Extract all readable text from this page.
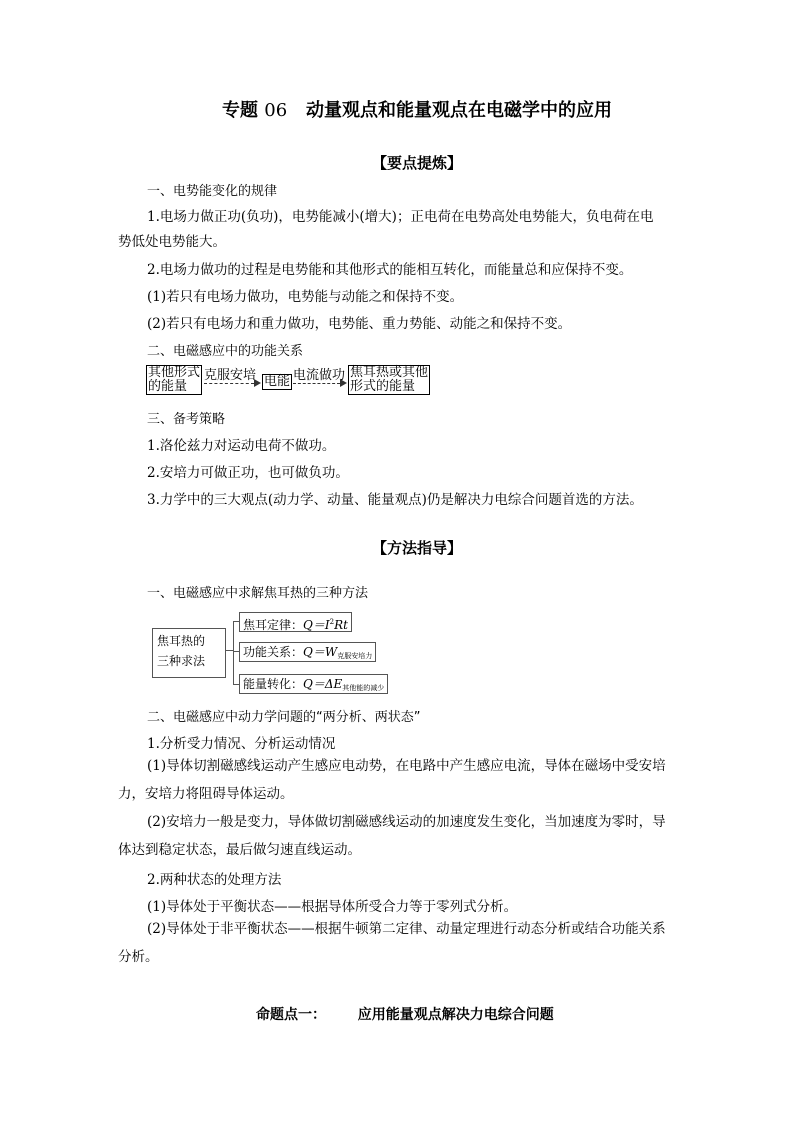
专题 06 动量观点和能量观点在电磁学中的应用
【要点提炼】
一、电势能变化的规律
1.电场力做正功(负功)，电势能减小(增大)；正电荷在电势高处电势能大，负电荷在电
势低处电势能大。
2.电场力做功的过程是电势能和其他形式的能相互转化，而能量总和应保持不变。
(1)若只有电场力做功，电势能与动能之和保持不变。
(2)若只有电场力和重力做功，电势能、重力势能、动能之和保持不变。
二、电磁感应中的功能关系
其他形式
的能量
克服安培 电能 电流做功 焦耳热或其他
形式的能量
三、备考策略
1.洛伦兹力对运动电荷不做功。
2.安培力可做正功，也可做负功。
3.力学中的三大观点(动力学、动量、能量观点)仍是解决力电综合问题首选的方法。
【方法指导】
一、电磁感应中求解焦耳热的三种方法
焦耳热的
三种求法
焦耳定律：$Q=I^2Rt$
功能关系：$Q=W_{克服安培力}$
能量转化：$Q=\Delta E_{其他能的减少}$
二、电磁感应中动力学问题的“两分析、两状态”
1.分析受力情况、分析运动情况
(1)导体切割磁感线运动产生感应电动势，在电路中产生感应电流，导体在磁场中受安培力，安培力将阻碍导体运动。
(2)安培力一般是变力，导体做切割磁感线运动的加速度发生变化，当加速度为零时，导体达到稳定状态，最后做匀速直线运动。
2.两种状态的处理方法
(1)导体处于平衡状态——根据导体所受合力等于零列式分析。
(2)导体处于非平衡状态——根据牛顿第二定律、动量定理进行动态分析或结合功能关系分析。
命题点一： 应用能量观点解决力电综合问题
